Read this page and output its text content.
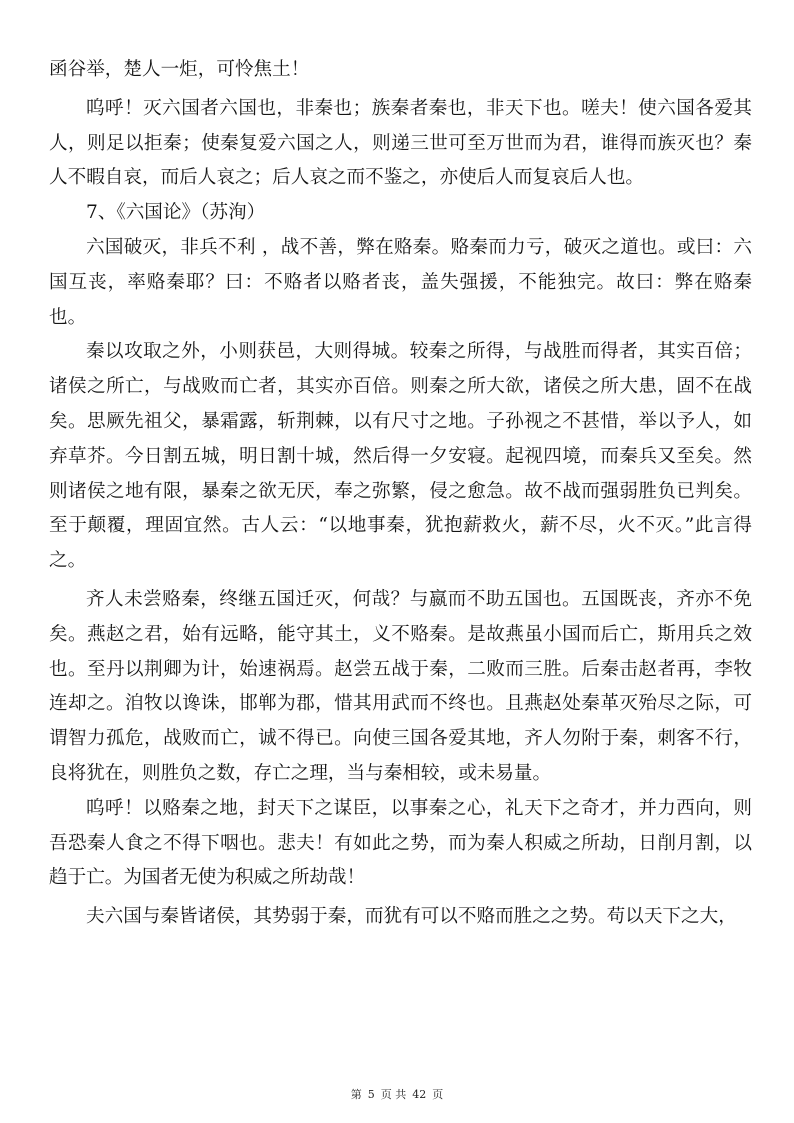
函谷举，楚人一炬，可怜焦土！

呜呼！灭六国者六国也，非秦也；族秦者秦也，非天下也。嗟夫！使六国各爱其人，则足以拒秦；使秦复爱六国之人，则递三世可至万世而为君，谁得而族灭也？秦人不暇自哀，而后人哀之；后人哀之而不鉴之，亦使后人而复哀后人也。

7、《六国论》（苏洵）

六国破灭，非兵不利 ，战不善，弊在赂秦。赂秦而力亏，破灭之道也。或曰：六国互丧，率赂秦耶？曰：不赂者以赂者丧，盖失强援，不能独完。故曰：弊在赂秦也。

秦以攻取之外，小则获邑，大则得城。较秦之所得，与战胜而得者，其实百倍；诸侯之所亡，与战败而亡者，其实亦百倍。则秦之所大欲，诸侯之所大患，固不在战矣。思厥先祖父，暴霜露，斩荆棘，以有尺寸之地。子孙视之不甚惜，举以予人，如弃草芥。今日割五城，明日割十城，然后得一夕安寝。起视四境，而秦兵又至矣。然则诸侯之地有限，暴秦之欲无厌，奉之弥繁，侵之愈急。故不战而强弱胜负已判矣。至于颠覆，理固宜然。古人云：“以地事秦，犹抱薪救火，薪不尽，火不灭。”此言得之。

齐人未尝赂秦，终继五国迁灭，何哉？与嬴而不助五国也。五国既丧，齐亦不免矣。燕赵之君，始有远略，能守其土，义不赂秦。是故燕虽小国而后亡，斯用兵之效也。至丹以荆卿为计，始速祸焉。赵尝五战于秦，二败而三胜。后秦击赵者再，李牧连却之。洎牧以谗诛，邯郸为郡，惜其用武而不终也。且燕赵处秦革灭殆尽之际，可谓智力孤危，战败而亡，诚不得已。向使三国各爱其地，齐人勿附于秦，刺客不行，良将犹在，则胜负之数，存亡之理，当与秦相较，或未易量。

呜呼！以赂秦之地，封天下之谋臣，以事秦之心，礼天下之奇才，并力西向，则吾恐秦人食之不得下咽也。悲夫！有如此之势，而为秦人积威之所劫，日削月割，以趋于亡。为国者无使为积威之所劫哉！

夫六国与秦皆诸侯，其势弱于秦，而犹有可以不赂而胜之之势。苟以天下之大，

第 5 页 共 42 页
